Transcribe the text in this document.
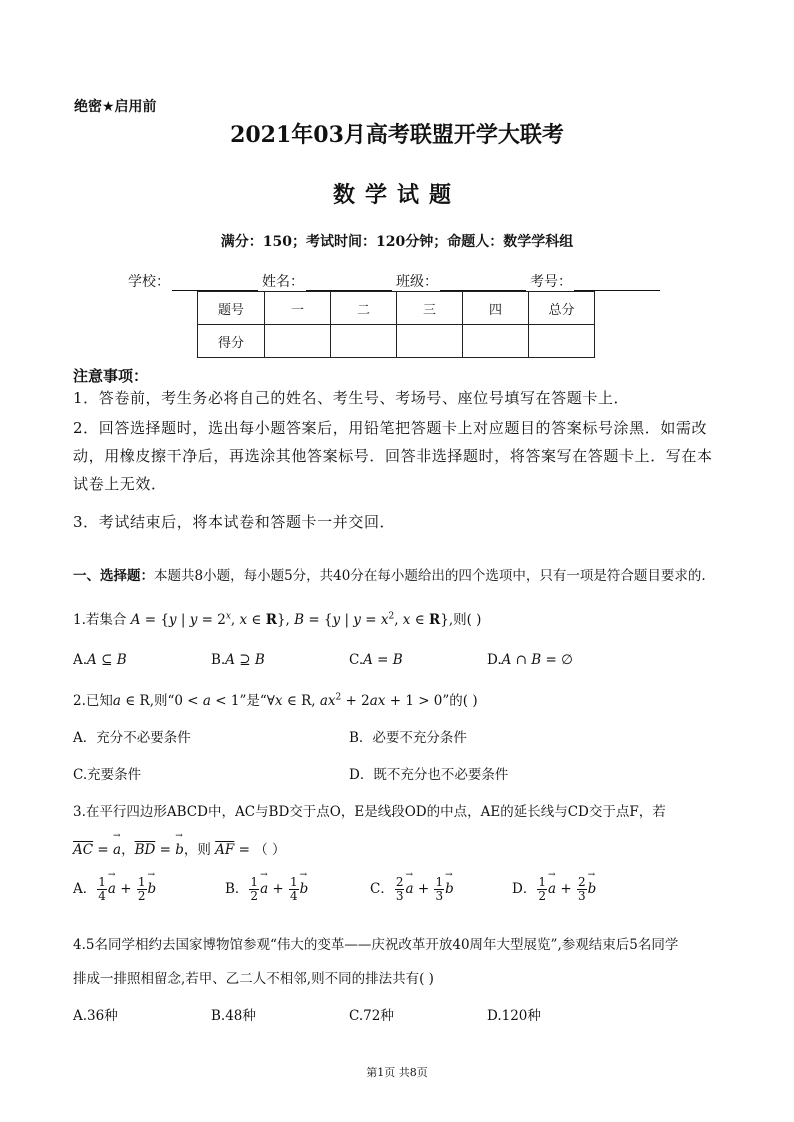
绝密★启用前
2021年03月高考联盟开学大联考
数学试题
满分：150；考试时间：120分钟；命题人：数学学科组
学校：	姓名：	班级：	考号：
题号	一	二	三	四	总分
得分					
注意事项：
1．答卷前，考生务必将自己的姓名、考生号、考场号、座位号填写在答题卡上．
2．回答选择题时，选出每小题答案后，用铅笔把答题卡上对应题目的答案标号涂黑．如需改动，用橡皮擦干净后，再选涂其他答案标号．回答非选择题时，将答案写在答题卡上．写在本试卷上无效．
3．考试结束后，将本试卷和答题卡一并交回．
一、选择题：本题共8小题，每小题5分，共40分在每小题给出的四个选项中，只有一项是符合题目要求的.
1.若集合 A = {y | $y = 2^x$, x ∈ R}, B = {y | $y = x^2$, x ∈ R},则( )
A.A ⊆ B	B.A ⊇ B	C.A = B	D.A ∩ B = ∅
2.已知a ∈ R,则“0 < a < 1”是“∀x ∈ R, $ax^2 + 2ax + 1 > 0$”的( )
A．充分不必要条件	B．必要不充分条件
C.充要条件	D．既不充分也不必要条件
3.在平行四边形ABCD中，AC与BD交于点O，E是线段OD的中点，AE的延长线与CD交于点F，若
$\overline{AC} = a$ →，$\overline{BD} = b$ →，则 $\overline{AF}$ = （ ）
A． $\frac{1}{4}$ a → + $\frac{1}{2}$ b →	B． $\frac{1}{2}$ a → + $\frac{1}{4}$ b →	C． $\frac{2}{3}$ a → + $\frac{1}{3}$ b →	D． $\frac{1}{2}$ a → + $\frac{2}{3}$ b →
4.5名同学相约去国家博物馆参观“伟大的变革——庆祝改革开放40周年大型展览”,参观结束后5名同学
排成一排照相留念,若甲、乙二人不相邻,则不同的排法共有( )
A.36种	B.48种	C.72种	D.120种
第1页 共8页
